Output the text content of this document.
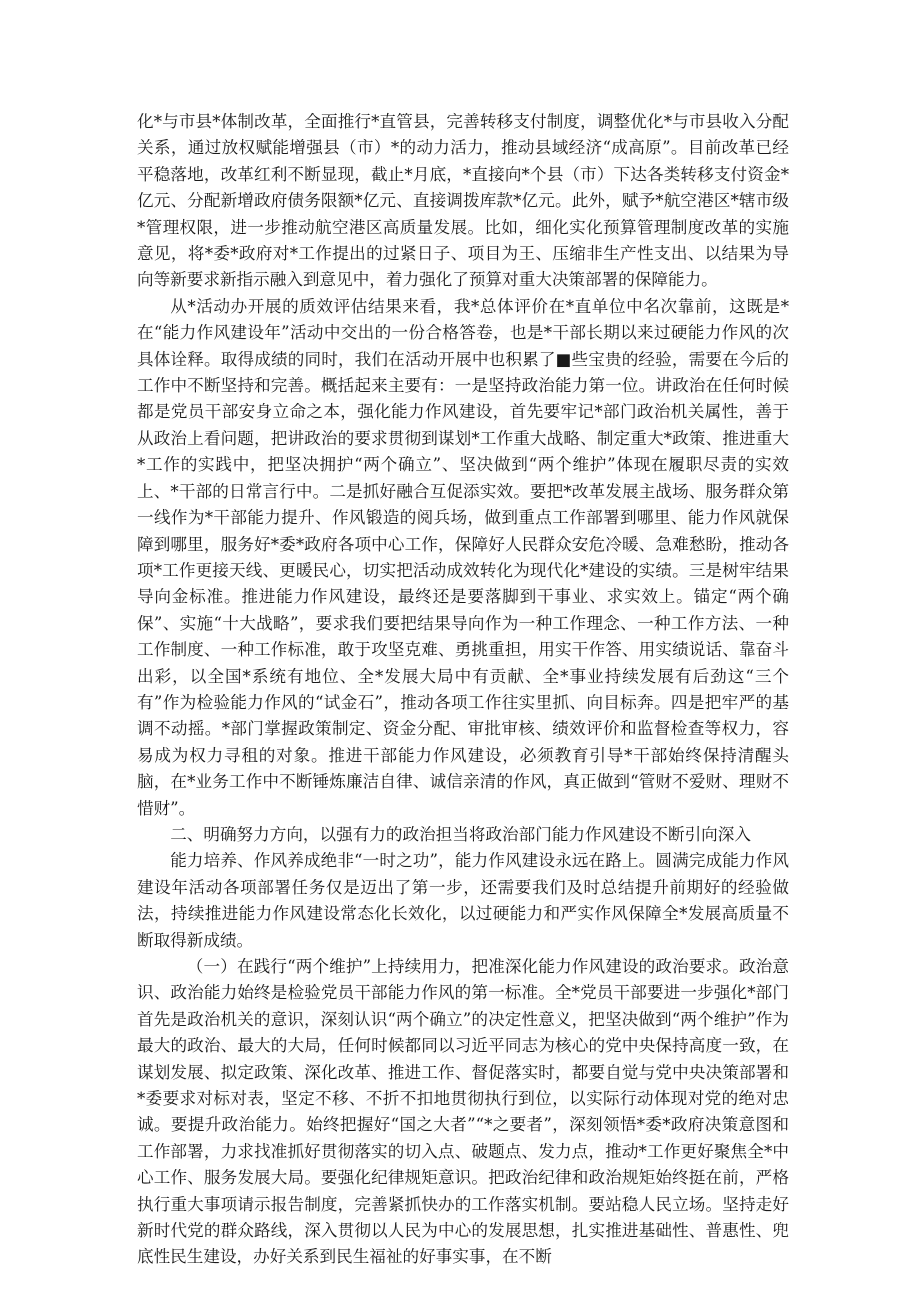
化*与市县*体制改革，全面推行*直管县，完善转移支付制度，调整优化*与市县收入分配关系，通过放权赋能增强县（市）*的动力活力，推动县域经济“成高原”。目前改革已经平稳落地，改革红利不断显现，截止*月底，*直接向*个县（市）下达各类转移支付资金*亿元、分配新增政府债务限额*亿元、直接调拨库款*亿元。此外，赋予*航空港区*辖市级*管理权限，进一步推动航空港区高质量发展。比如，细化实化预算管理制度改革的实施意见，将*委*政府对*工作提出的过紧日子、项目为王、压缩非生产性支出、以结果为导向等新要求新指示融入到意见中，着力强化了预算对重大决策部署的保障能力。

从*活动办开展的质效评估结果来看，我*总体评价在*直单位中名次靠前，这既是*在“能力作风建设年”活动中交出的一份合格答卷，也是*干部长期以来过硬能力作风的次具体诠释。取得成绩的同时，我们在活动开展中也积累了■些宝贵的经验，需要在今后的工作中不断坚持和完善。概括起来主要有：一是坚持政治能力第一位。讲政治在任何时候都是党员干部安身立命之本，强化能力作风建设，首先要牢记*部门政治机关属性，善于从政治上看问题，把讲政治的要求贯彻到谋划*工作重大战略、制定重大*政策、推进重大*工作的实践中，把坚决拥护“两个确立”、坚决做到“两个维护”体现在履职尽责的实效上、*干部的日常言行中。二是抓好融合互促添实效。要把*改革发展主战场、服务群众第一线作为*干部能力提升、作风锻造的阅兵场，做到重点工作部署到哪里、能力作风就保障到哪里，服务好*委*政府各项中心工作，保障好人民群众安危冷暖、急难愁盼，推动各项*工作更接天线、更暖民心，切实把活动成效转化为现代化*建设的实绩。三是树牢结果导向金标准。推进能力作风建设，最终还是要落脚到干事业、求实效上。锚定“两个确保”、实施“十大战略”，要求我们要把结果导向作为一种工作理念、一种工作方法、一种工作制度、一种工作标准，敢于攻坚克难、勇挑重担，用实干作答、用实绩说话、靠奋斗出彩，以全国*系统有地位、全*发展大局中有贡献、全*事业持续发展有后劲这“三个有”作为检验能力作风的“试金石”，推动各项工作往实里抓、向目标奔。四是把牢严的基调不动摇。*部门掌握政策制定、资金分配、审批审核、绩效评价和监督检查等权力，容易成为权力寻租的对象。推进干部能力作风建设，必须教育引导*干部始终保持清醒头脑，在*业务工作中不断锤炼廉洁自律、诚信亲清的作风，真正做到“管财不爱财、理财不惜财”。

二、明确努力方向，以强有力的政治担当将政治部门能力作风建设不断引向深入

能力培养、作风养成绝非“一时之功”，能力作风建设永远在路上。圆满完成能力作风建设年活动各项部署任务仅是迈出了第一步，还需要我们及时总结提升前期好的经验做法，持续推进能力作风建设常态化长效化，以过硬能力和严实作风保障全*发展高质量不断取得新成绩。

（一）在践行“两个维护”上持续用力，把准深化能力作风建设的政治要求。政治意识、政治能力始终是检验党员干部能力作风的第一标准。全*党员干部要进一步强化*部门首先是政治机关的意识，深刻认识“两个确立”的决定性意义，把坚决做到“两个维护”作为最大的政治、最大的大局，任何时候都同以习近平同志为核心的党中央保持高度一致，在谋划发展、拟定政策、深化改革、推进工作、督促落实时，都要自觉与党中央决策部署和*委要求对标对表，坚定不移、不折不扣地贯彻执行到位，以实际行动体现对党的绝对忠诚。要提升政治能力。始终把握好“国之大者”“*之要者”，深刻领悟*委*政府决策意图和工作部署，力求找准抓好贯彻落实的切入点、破题点、发力点，推动*工作更好聚焦全*中心工作、服务发展大局。要强化纪律规矩意识。把政治纪律和政治规矩始终挺在前，严格执行重大事项请示报告制度，完善紧抓快办的工作落实机制。要站稳人民立场。坚持走好新时代党的群众路线，深入贯彻以人民为中心的发展思想，扎实推进基础性、普惠性、兜底性民生建设，办好关系到民生福祉的好事实事，在不断
